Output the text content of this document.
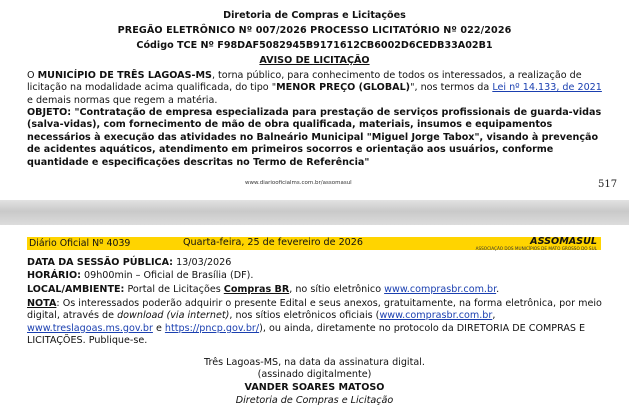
Diretoria de Compras e Licitações
PREGÃO ELETRÔNICO Nº 007/2026 PROCESSO LICITATÓRIO Nº 022/2026
Código TCE Nº F98DAF5082945B9171612CB6002D6CEDB33A02B1
AVISO DE LICITAÇÃO
O MUNICÍPIO DE TRÊS LAGOAS-MS, torna público, para conhecimento de todos os interessados, a realização de licitação na modalidade acima qualificada, do tipo "MENOR PREÇO (GLOBAL)", nos termos da Lei nº 14.133, de 2021 e demais normas que regem a matéria.
OBJETO: "Contratação de empresa especializada para prestação de serviços profissionais de guarda-vidas (salva-vidas), com fornecimento de mão de obra qualificada, materiais, insumos e equipamentos necessários à execução das atividades no Balneário Municipal "Miguel Jorge Tabox", visando à prevenção de acidentes aquáticos, atendimento em primeiros socorros e orientação aos usuários, conforme quantidade e especificações descritas no Termo de Referência"
www.diariooficialms.com.br/assomasul	517
Diário Oficial Nº 4039	Quarta-feira, 25 de fevereiro de 2026	ASSOMASUL
ASSOCIAÇÃO DOS MUNICÍPIOS DE MATO GROSSO DO SUL
DATA DA SESSÃO PÚBLICA: 13/03/2026
HORÁRIO: 09h00min – Oficial de Brasília (DF).
LOCAL/AMBIENTE: Portal de Licitações Compras BR, no sítio eletrônico www.comprasbr.com.br.
NOTA: Os interessados poderão adquirir o presente Edital e seus anexos, gratuitamente, na forma eletrônica, por meio digital, através de download (via internet), nos sítios eletrônicos oficiais (www.comprasbr.com.br, www.treslagoas.ms.gov.br e https://pncp.gov.br/), ou ainda, diretamente no protocolo da DIRETORIA DE COMPRAS E LICITAÇÕES. Publique-se.
Três Lagoas-MS, na data da assinatura digital.
(assinado digitalmente)
VANDER SOARES MATOSO
Diretoria de Compras e Licitação
